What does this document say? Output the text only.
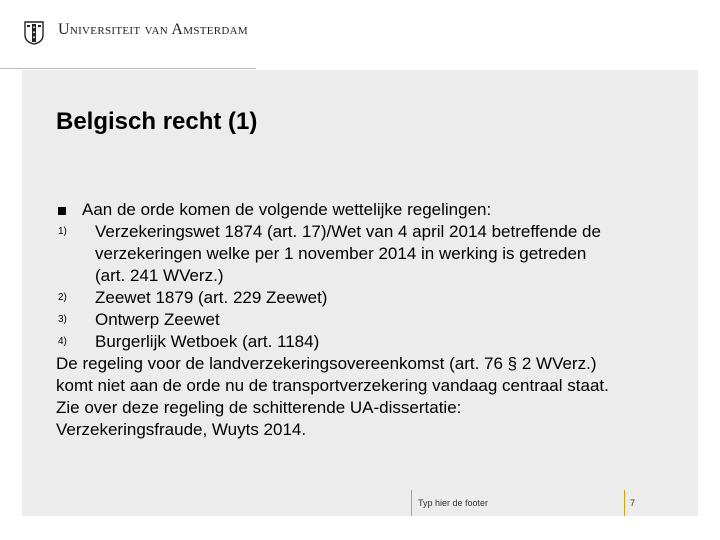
Universiteit van Amsterdam
Belgisch recht (1)
Aan de orde komen de volgende wettelijke regelingen:
1) Verzekeringswet 1874 (art. 17)/Wet van 4 april 2014 betreffende de
verzekeringen welke per 1 november 2014 in werking is getreden
(art. 241 WVerz.)
2) Zeewet 1879 (art. 229 Zeewet)
3) Ontwerp Zeewet
4) Burgerlijk Wetboek (art. 1184)
De regeling voor de landverzekeringsovereenkomst (art. 76 § 2 WVerz.)
komt niet aan de orde nu de transportverzekering vandaag centraal staat.
Zie over deze regeling de schitterende UA-dissertatie:
Verzekeringsfraude, Wuyts 2014.
Typ hier de footer	7
